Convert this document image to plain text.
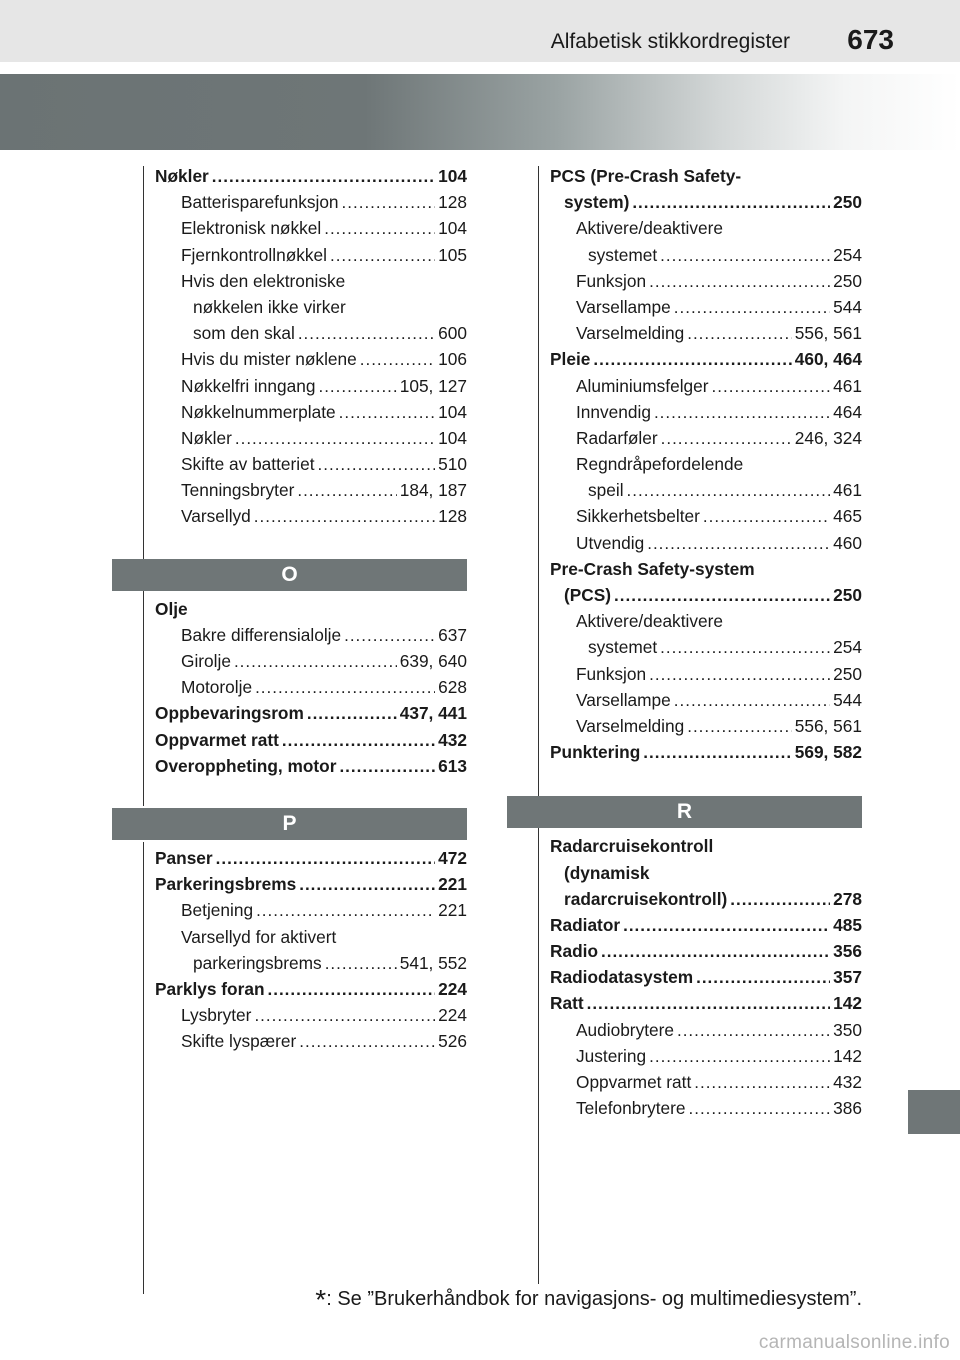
Alfabetisk stikkordregister 673
Nøkler .....	104
Batterisparefunksjon .....	128
Elektronisk nøkkel .....	104
Fjernkontrollnøkkel .....	105
Hvis den elektroniske
nøkkelen ikke virker
som den skal .....	600
Hvis du mister nøklene .....	106
Nøkkelfri inngang .....	105, 127
Nøkkelnummerplate .....	104
Nøkler .....	104
Skifte av batteriet .....	510
Tenningsbryter .....	184, 187
Varsellyd .....	128
O
Olje
Bakre differensialolje .....	637
Girolje .....	639, 640
Motorolje .....	628
Oppbevaringsrom .....	437, 441
Oppvarmet ratt .....	432
Overoppheting, motor .....	613
P
Panser .....	472
Parkeringsbrems .....	221
Betjening .....	221
Varsellyd for aktivert
parkeringsbrems .....	541, 552
Parklys foran .....	224
Lysbryter .....	224
Skifte lyspærer .....	526
PCS (Pre-Crash Safety-
system) .....	250
Aktivere/deaktivere
systemet .....	254
Funksjon .....	250
Varsellampe .....	544
Varselmelding .....	556, 561
Pleie .....	460, 464
Aluminiumsfelger .....	461
Innvendig .....	464
Radarføler .....	246, 324
Regndråpefordelende
speil .....	461
Sikkerhetsbelter .....	465
Utvendig .....	460
Pre-Crash Safety-system
(PCS) .....	250
Aktivere/deaktivere
systemet .....	254
Funksjon .....	250
Varsellampe .....	544
Varselmelding .....	556, 561
Punktering .....	569, 582
R
Radarcruisekontroll
(dynamisk
radarcruisekontroll) .....	278
Radiator .....	485
Radio .....	356
Radiodatasystem .....	357
Ratt .....	142
Audiobrytere .....	350
Justering .....	142
Oppvarmet ratt .....	432
Telefonbrytere .....	386
*: Se ”Brukerhåndbok for navigasjons- og multimediesystem”.
carmanualsonline.info
